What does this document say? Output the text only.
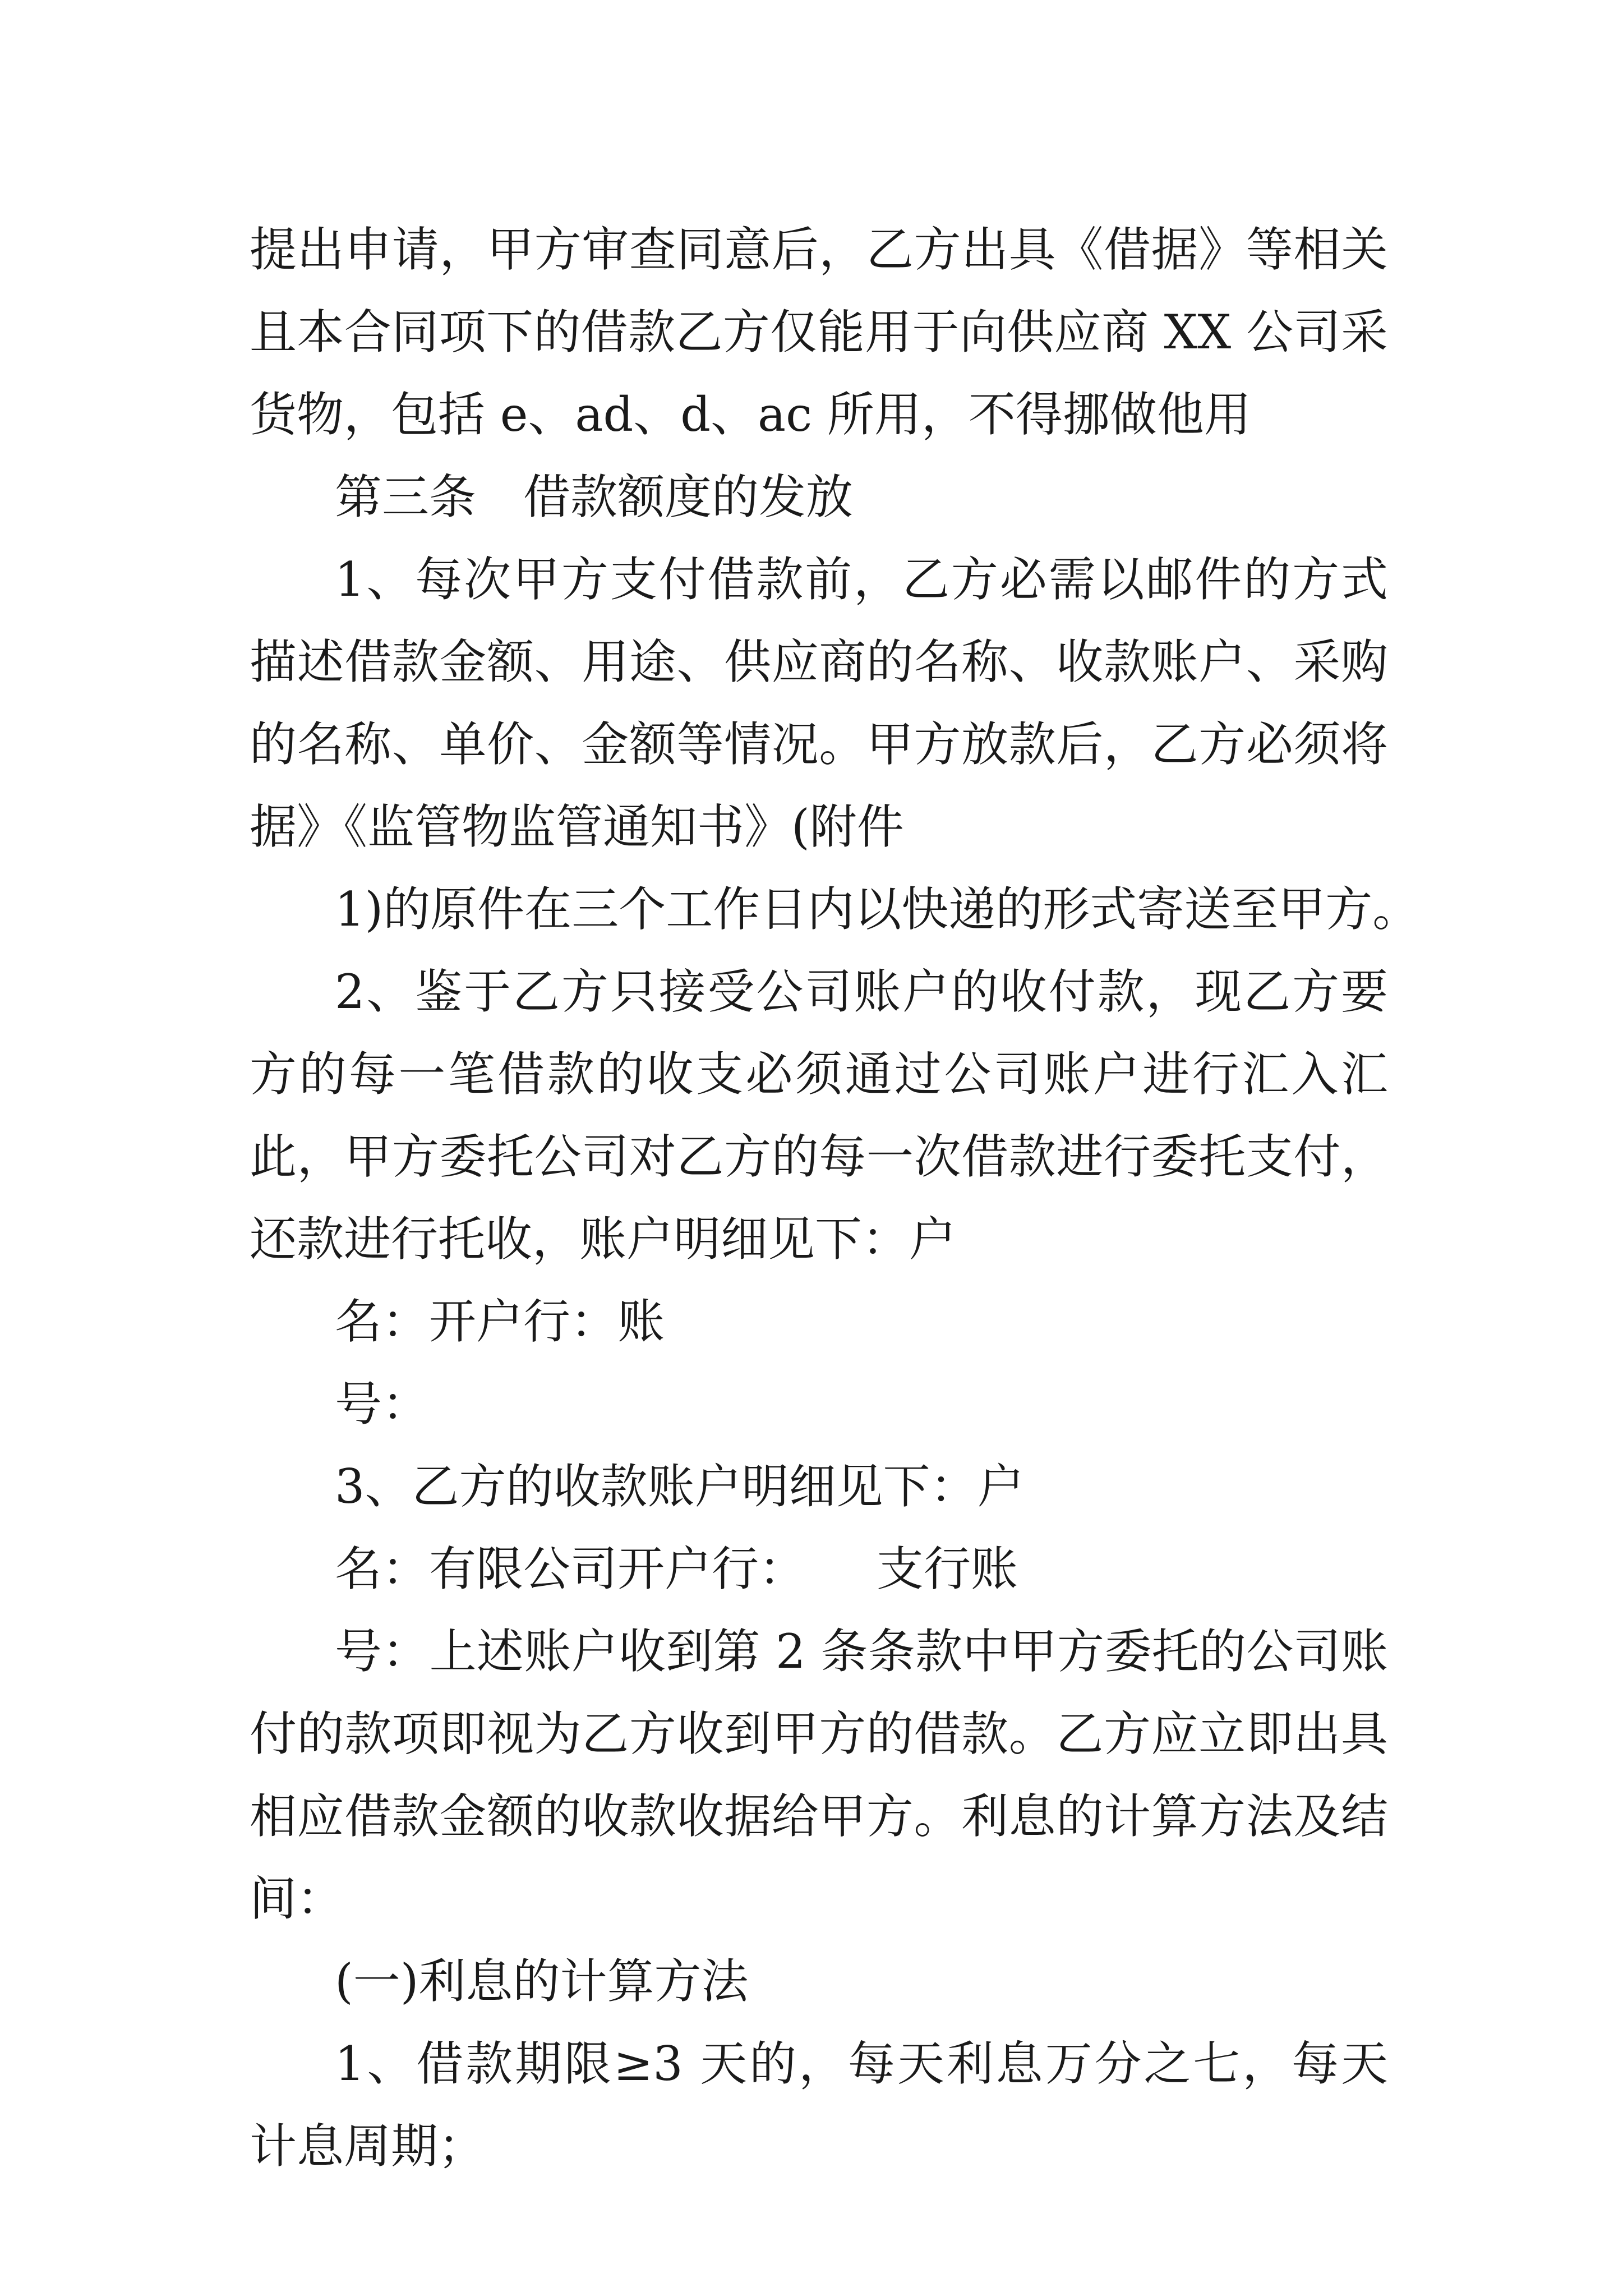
提出申请，甲方审查同意后，乙方出具《借据》等相关
且本合同项下的借款乙方仅能用于向供应商 XX 公司采
货物，包括 e、ad、d、ac 所用，不得挪做他用
第三条　借款额度的发放
1、每次甲方支付借款前，乙方必需以邮件的方式
描述借款金额、用途、供应商的名称、收款账户、采购
的名称、单价、金额等情况。甲方放款后，乙方必须将
据》《监管物监管通知书》(附件
1)的原件在三个工作日内以快递的形式寄送至甲方。
2、鉴于乙方只接受公司账户的收付款，现乙方要
方的每一笔借款的收支必须通过公司账户进行汇入汇
此，甲方委托公司对乙方的每一次借款进行委托支付，
还款进行托收，账户明细见下：户
名：开户行：账
号：
3、乙方的收款账户明细见下：户
名：有限公司开户行：　　支行账
号：上述账户收到第 2 条条款中甲方委托的公司账
付的款项即视为乙方收到甲方的借款。乙方应立即出具
相应借款金额的收款收据给甲方。利息的计算方法及结
间：
(一)利息的计算方法
1、借款期限≥3 天的，每天利息万分之七，每天
计息周期；
